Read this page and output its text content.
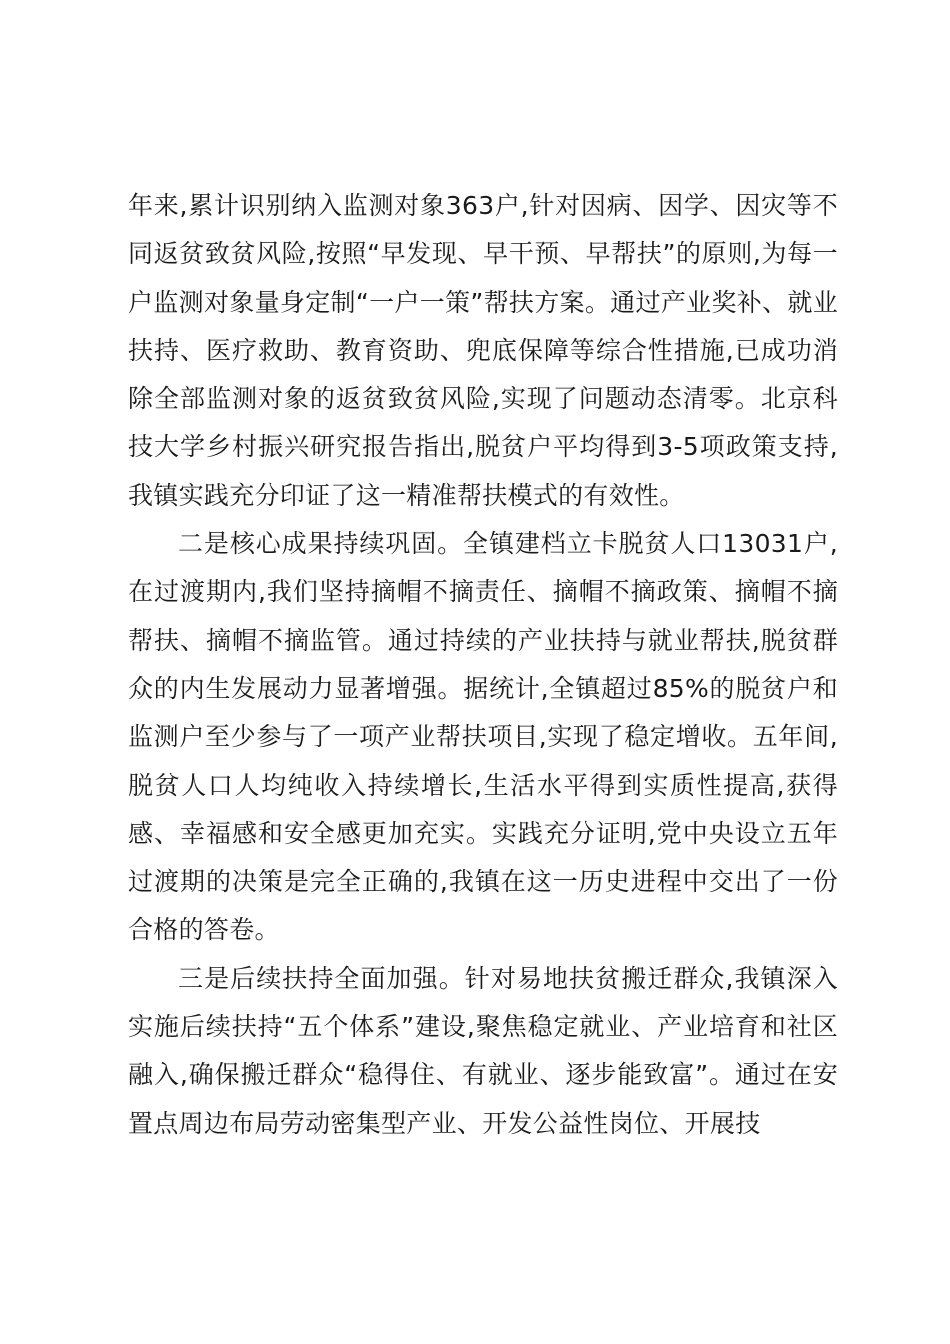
年来,累计识别纳入监测对象363户,针对因病、因学、因灾等不同返贫致贫风险,按照“早发现、早干预、早帮扶”的原则,为每一户监测对象量身定制“一户一策”帮扶方案。通过产业奖补、就业扶持、医疗救助、教育资助、兜底保障等综合性措施,已成功消除全部监测对象的返贫致贫风险,实现了问题动态清零。北京科技大学乡村振兴研究报告指出,脱贫户平均得到3-5项政策支持,我镇实践充分印证了这一精准帮扶模式的有效性。

二是核心成果持续巩固。全镇建档立卡脱贫人口13031户,在过渡期内,我们坚持摘帽不摘责任、摘帽不摘政策、摘帽不摘帮扶、摘帽不摘监管。通过持续的产业扶持与就业帮扶,脱贫群众的内生发展动力显著增强。据统计,全镇超过85%的脱贫户和监测户至少参与了一项产业帮扶项目,实现了稳定增收。五年间,脱贫人口人均纯收入持续增长,生活水平得到实质性提高,获得感、幸福感和安全感更加充实。实践充分证明,党中央设立五年过渡期的决策是完全正确的,我镇在这一历史进程中交出了一份合格的答卷。

三是后续扶持全面加强。针对易地扶贫搬迁群众,我镇深入实施后续扶持“五个体系”建设,聚焦稳定就业、产业培育和社区融入,确保搬迁群众“稳得住、有就业、逐步能致富”。通过在安置点周边布局劳动密集型产业、开发公益性岗位、开展技
